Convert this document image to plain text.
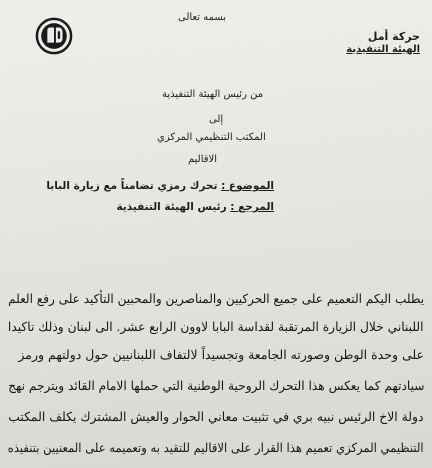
بسمه تعالى
حركة أمل
الهيئة التنفيذية
من رئيس الهيئة التنفيذية
إلى
المكتب التنظيمي المركزي
الاقاليم
الموضوع : تحرك رمزي تضامناً مع زيارة البابا
المرجع : رئيس الهيئة التنفيذية
يطلب اليكم التعميم على جميع الحركيين والمناصرين والمحبين التأكيد على رفع العلم
اللبناني خلال الزيارة المرتقبة لقداسة البابا لاوون الرابع عشر. الى لبنان وذلك تاكيدا
على وحدة الوطن وصورته الجامعة وتجسيداً لالتفاف اللبنانيين حول دولتهم ورمز
سيادتهم كما يعكس هذا التحرك الروحية الوطنية التي حملها الامام القائد ويترجم نهج
دولة الاخ الرئيس نبيه بري في تثبيت معاني الحوار والعيش المشترك يكلف المكتب
التنظيمي المركزي تعميم هذا القرار على الاقاليم للتقيد به وتعميمه على المعنيين بتنفيذه
